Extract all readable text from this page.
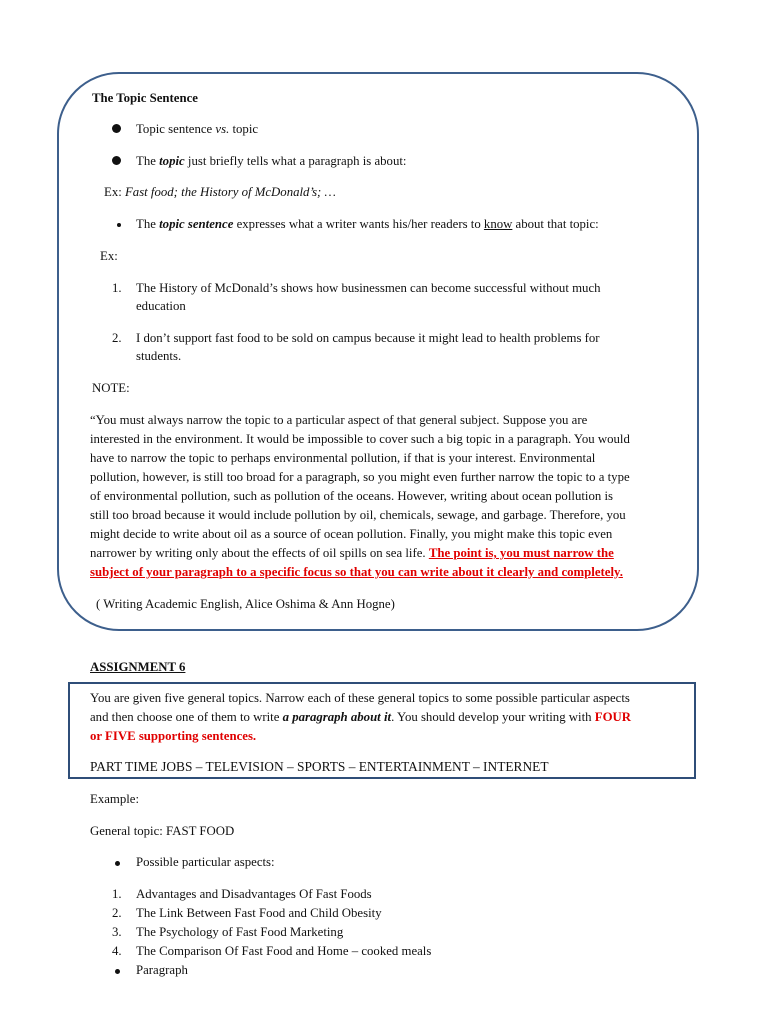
The Topic Sentence
Topic sentence vs. topic
The topic just briefly tells what a paragraph is about:
Ex: Fast food; the History of McDonald’s; …
The topic sentence expresses what a writer wants his/her readers to know about that topic:
Ex:
1. The History of McDonald’s shows how businessmen can become successful without much
education
2. I don’t support fast food to be sold on campus because it might lead to health problems for
students.
NOTE:
“You must always narrow the topic to a particular aspect of that general subject. Suppose you are
interested in the environment. It would be impossible to cover such a big topic in a paragraph. You would
have to narrow the topic to perhaps environmental pollution, if that is your interest. Environmental
pollution, however, is still too broad for a paragraph, so you might even further narrow the topic to a type
of environmental pollution, such as pollution of the oceans. However, writing about ocean pollution is
still too broad because it would include pollution by oil, chemicals, sewage, and garbage. Therefore, you
might decide to write about oil as a source of ocean pollution. Finally, you might make this topic even
narrower by writing only about the effects of oil spills on sea life. The point is, you must narrow the
subject of your paragraph to a specific focus so that you can write about it clearly and completely.
( Writing Academic English, Alice Oshima & Ann Hogne)
ASSIGNMENT 6
You are given five general topics. Narrow each of these general topics to some possible particular aspects
and then choose one of them to write a paragraph about it. You should develop your writing with FOUR
or FIVE supporting sentences.
PART TIME JOBS – TELEVISION – SPORTS – ENTERTAINMENT – INTERNET
Example:
General topic: FAST FOOD
Possible particular aspects:
1. Advantages and Disadvantages Of Fast Foods
2. The Link Between Fast Food and Child Obesity
3. The Psychology of Fast Food Marketing
4. The Comparison Of Fast Food and Home – cooked meals
Paragraph
